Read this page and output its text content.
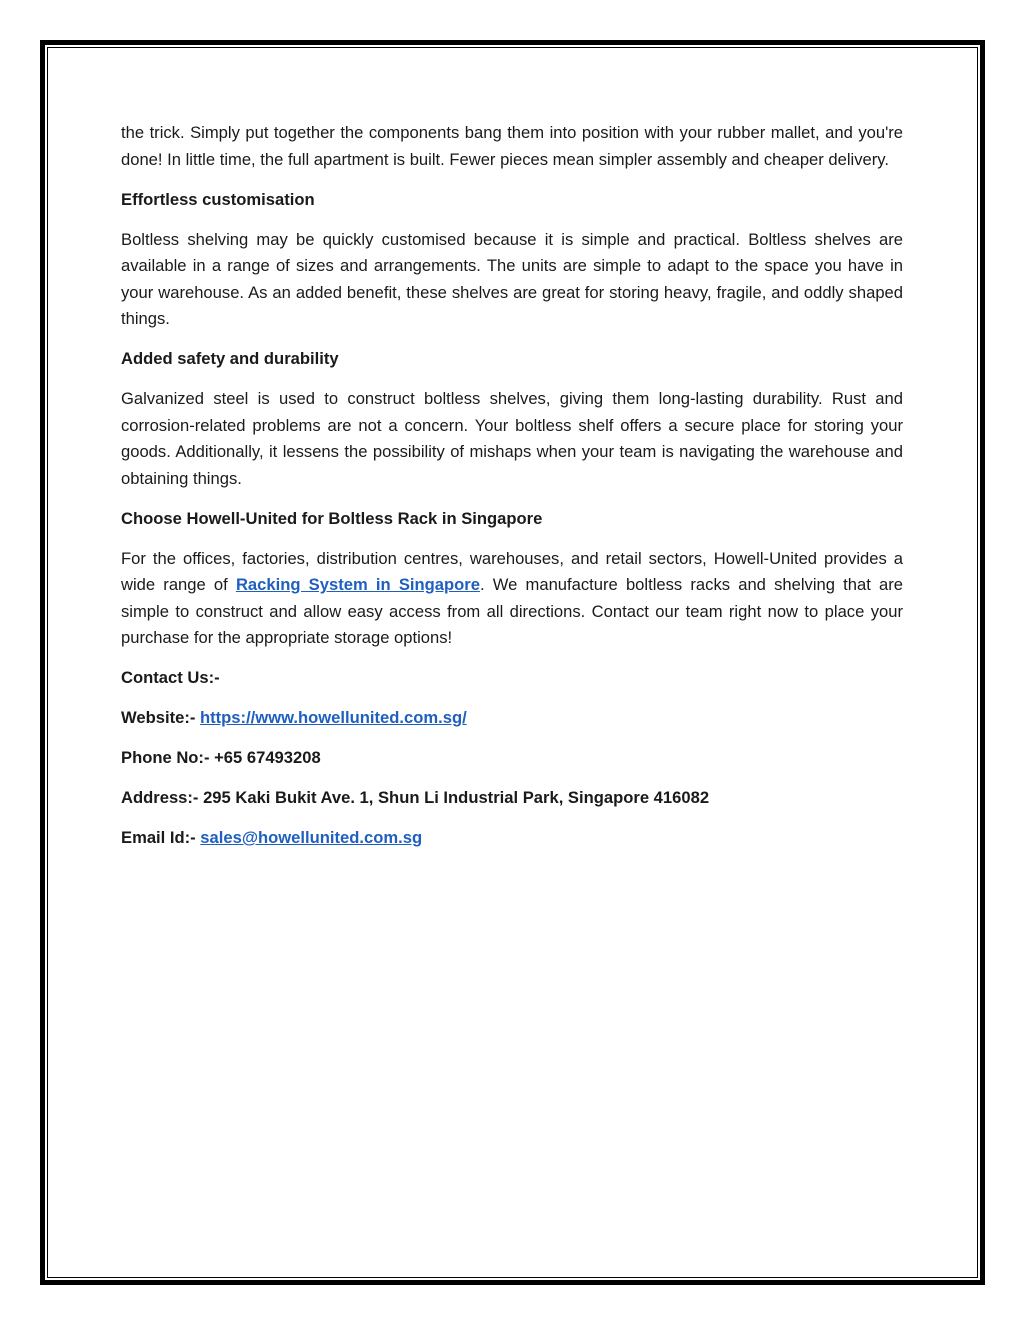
the trick. Simply put together the components bang them into position with your rubber mallet, and you're done! In little time, the full apartment is built. Fewer pieces mean simpler assembly and cheaper delivery.

Effortless customisation

Boltless shelving may be quickly customised because it is simple and practical. Boltless shelves are available in a range of sizes and arrangements. The units are simple to adapt to the space you have in your warehouse. As an added benefit, these shelves are great for storing heavy, fragile, and oddly shaped things.

Added safety and durability

Galvanized steel is used to construct boltless shelves, giving them long-lasting durability. Rust and corrosion-related problems are not a concern. Your boltless shelf offers a secure place for storing your goods. Additionally, it lessens the possibility of mishaps when your team is navigating the warehouse and obtaining things.

Choose Howell-United for Boltless Rack in Singapore

For the offices, factories, distribution centres, warehouses, and retail sectors, Howell-United provides a wide range of Racking System in Singapore. We manufacture boltless racks and shelving that are simple to construct and allow easy access from all directions. Contact our team right now to place your purchase for the appropriate storage options!

Contact Us:-

Website:- https://www.howellunited.com.sg/

Phone No:- +65 67493208

Address:- 295 Kaki Bukit Ave. 1, Shun Li Industrial Park, Singapore 416082

Email Id:- sales@howellunited.com.sg
